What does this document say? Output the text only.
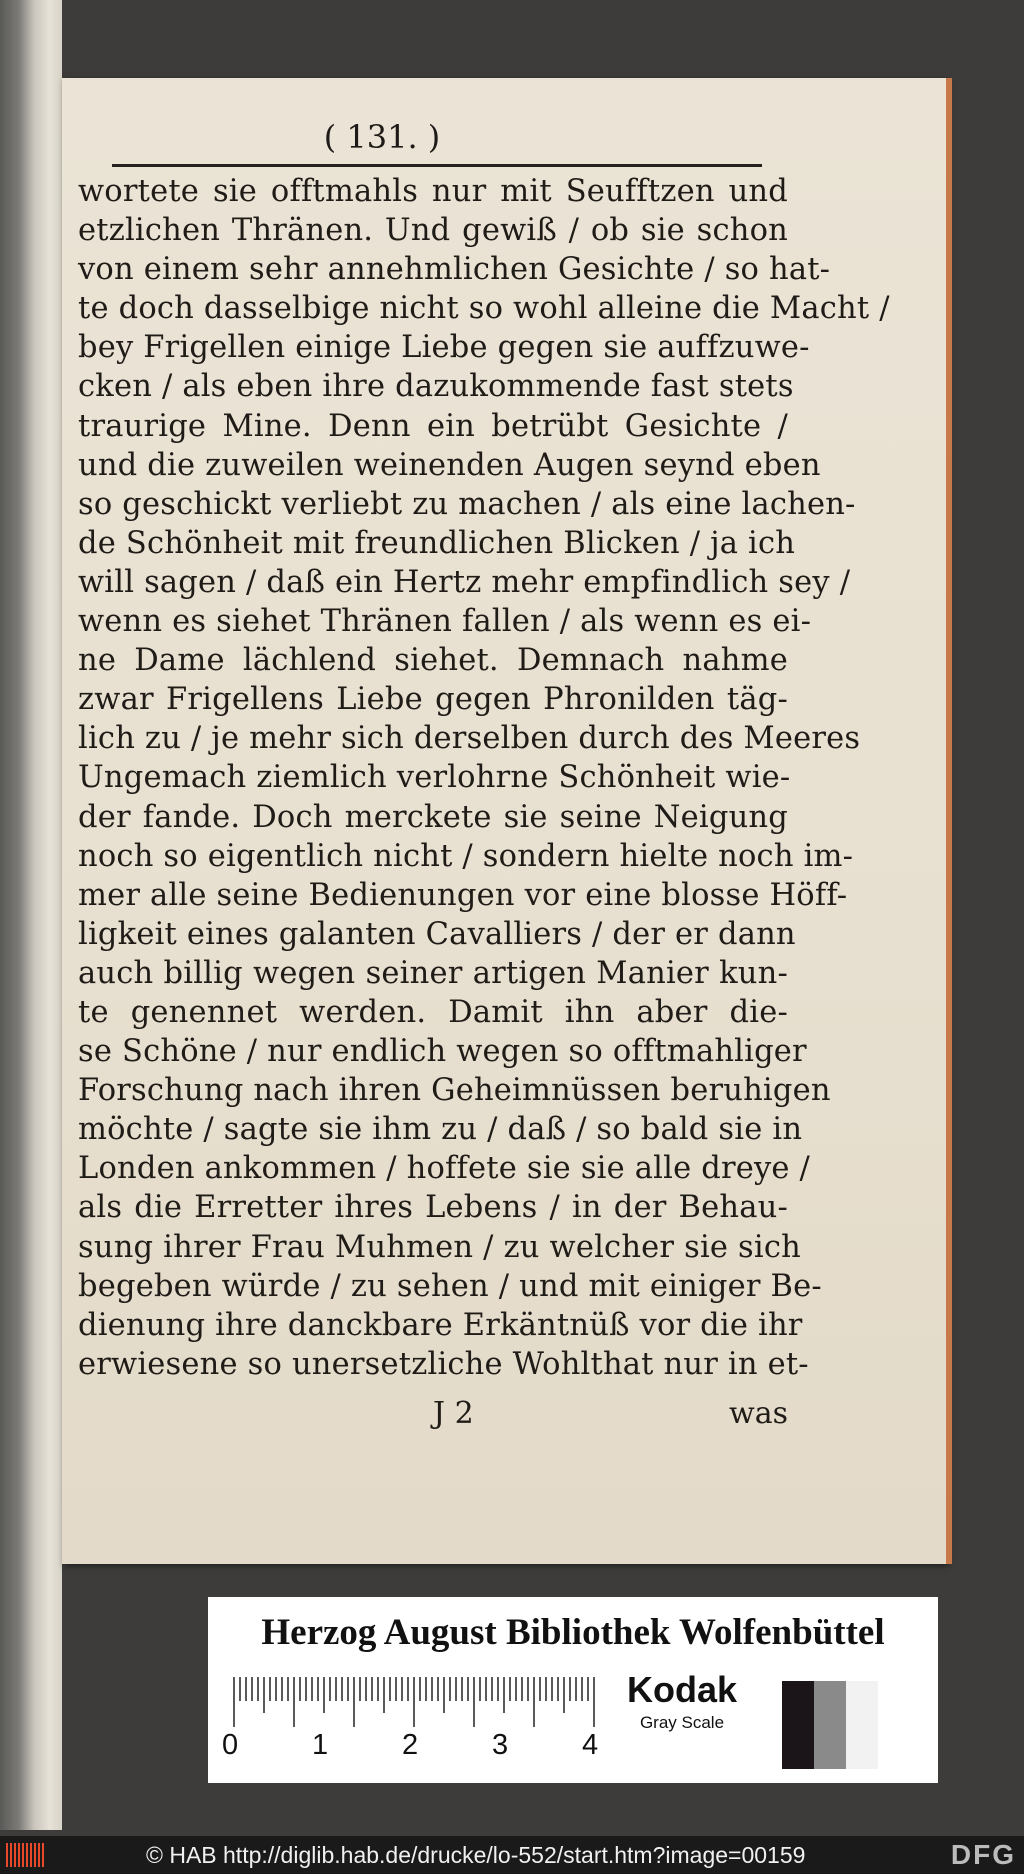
( 131. )
wortete sie offtmahls nur mit Seufftzen und
etzlichen Thränen. Und gewiß / ob sie schon
von einem sehr annehmlichen Gesichte / so hat-
te doch dasselbige nicht so wohl alleine die Macht /
bey Frigellen einige Liebe gegen sie auffzuwe-
cken / als eben ihre dazukommende fast stets
traurige Mine. Denn ein betrübt Gesichte /
und die zuweilen weinenden Augen seynd eben
so geschickt verliebt zu machen / als eine lachen-
de Schönheit mit freundlichen Blicken / ja ich
will sagen / daß ein Hertz mehr empfindlich sey /
wenn es siehet Thränen fallen / als wenn es ei-
ne Dame lächlend siehet. Demnach nahme
zwar Frigellens Liebe gegen Phronilden täg-
lich zu / je mehr sich derselben durch des Meeres
Ungemach ziemlich verlohrne Schönheit wie-
der fande. Doch merckete sie seine Neigung
noch so eigentlich nicht / sondern hielte noch im-
mer alle seine Bedienungen vor eine blosse Höff-
ligkeit eines galanten Cavalliers / der er dann
auch billig wegen seiner artigen Manier kun-
te genennet werden. Damit ihn aber die-
se Schöne / nur endlich wegen so offtmahliger
Forschung nach ihren Geheimnüssen beruhigen
möchte / sagte sie ihm zu / daß / so bald sie in
Londen ankommen / hoffete sie sie alle dreye /
als die Erretter ihres Lebens / in der Behau-
sung ihrer Frau Muhmen / zu welcher sie sich
begeben würde / zu sehen / und mit einiger Be-
dienung ihre danckbare Erkäntnüß vor die ihr
erwiesene so unersetzliche Wohlthat nur in et-
J 2	was
Herzog August Bibliothek Wolfenbüttel
0	1	2	3	4
Kodak
Gray Scale
© HAB http://diglib.hab.de/drucke/lo-552/start.htm?image=00159	DFG
